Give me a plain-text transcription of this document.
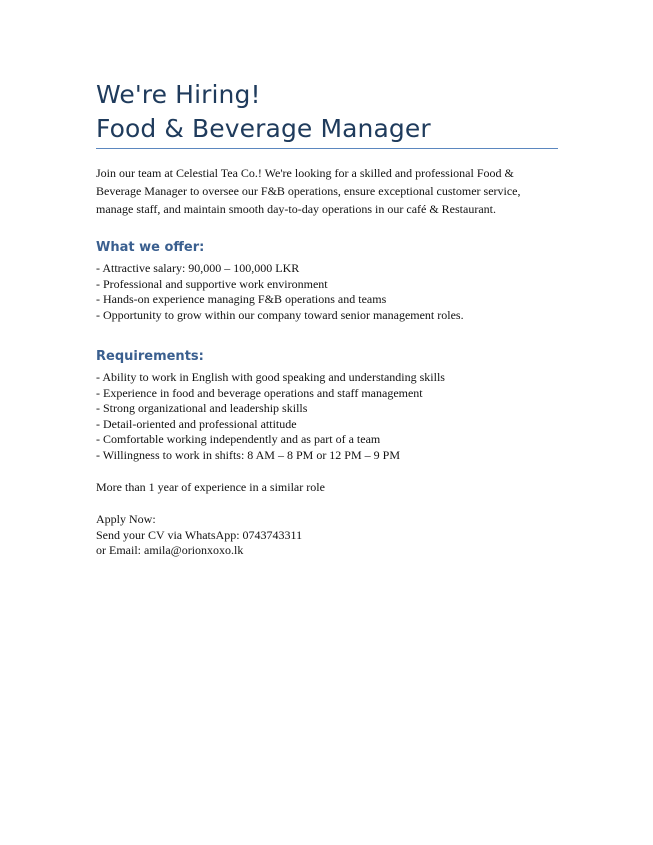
We're Hiring!
Food & Beverage Manager
Join our team at Celestial Tea Co.! We're looking for a skilled and professional Food & Beverage Manager to oversee our F&B operations, ensure exceptional customer service, manage staff, and maintain smooth day-to-day operations in our café & Restaurant.
What we offer:
- Attractive salary: 90,000 – 100,000 LKR
- Professional and supportive work environment
- Hands-on experience managing F&B operations and teams
- Opportunity to grow within our company toward senior management roles.
Requirements:
- Ability to work in English with good speaking and understanding skills
- Experience in food and beverage operations and staff management
- Strong organizational and leadership skills
- Detail-oriented and professional attitude
- Comfortable working independently and as part of a team
- Willingness to work in shifts: 8 AM – 8 PM or 12 PM – 9 PM
More than 1 year of experience in a similar role
Apply Now:
Send your CV via WhatsApp: 0743743311
or Email: amila@orionxoxo.lk
